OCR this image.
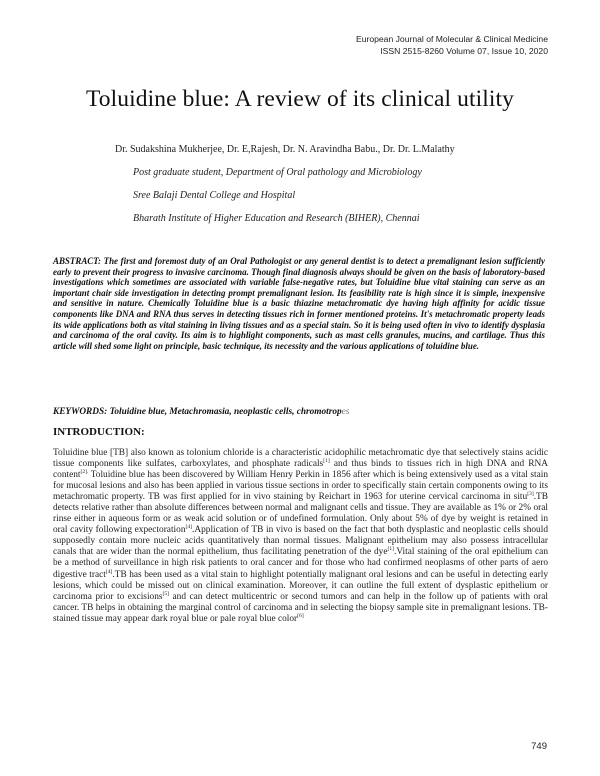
European Journal of Molecular & Clinical Medicine
ISSN 2515-8260 Volume 07, Issue 10, 2020
Toluidine blue: A review of its clinical utility
Dr. Sudakshina Mukherjee, Dr. E,Rajesh, Dr. N. Aravindha Babu., Dr. Dr. L.Malathy
Post graduate student, Department of Oral pathology and Microbiology
Sree Balaji Dental College and Hospital
Bharath Institute of Higher Education and Research (BIHER), Chennai
ABSTRACT: The first and foremost duty of an Oral Pathologist or any general dentist is to detect a premalignant lesion sufficiently early to prevent their progress to invasive carcinoma. Though final diagnosis always should be given on the basis of laboratory-based investigations which sometimes are associated with variable false-negative rates, but Toluidine blue vital staining can serve as an important chair side investigation in detecting prompt premalignant lesion. Its feasibility rate is high since it is simple, inexpensive and sensitive in nature. Chemically Toluidine blue is a basic thiazine metachromatic dye having high affinity for acidic tissue components like DNA and RNA thus serves in detecting tissues rich in former mentioned proteins. It's metachromatic property leads its wide applications both as vital staining in living tissues and as a special stain. So it is being used often in vivo to identify dysplasia and carcinoma of the oral cavity. Its aim is to highlight components, such as mast cells granules, mucins, and cartilage. Thus this article will shed some light on principle, basic technique, its necessity and the various applications of toluidine blue.
KEYWORDS: Toluidine blue, Metachromasia, neoplastic cells, chromotropes
INTRODUCTION:
Toluidine blue [TB] also known as tolonium chloride is a characteristic acidophilic metachromatic dye that selectively stains acidic tissue components like sulfates, carboxylates, and phosphate radicals[1] and thus binds to tissues rich in high DNA and RNA content$^{[2].}$ Toluidine blue has been discovered by William Henry Perkin in 1856 after which is being extensively used as a vital stain for mucosal lesions and also has been applied in various tissue sections in order to specifically stain certain components owing to its metachromatic property. TB was first applied for in vivo staining by Reichart in 1963 for uterine cervical carcinoma in situ[3].TB detects relative rather than absolute differences between normal and malignant cells and tissue. They are available as 1% or 2% oral rinse either in aqueous form or as weak acid solution or of undefined formulation. Only about 5% of dye by weight is retained in oral cavity following expectoration[4].Application of TB in vivo is based on the fact that both dysplastic and neoplastic cells should supposedly contain more nucleic acids quantitatively than normal tissues. Malignant epithelium may also possess intracellular canals that are wider than the normal epithelium, thus facilitating penetration of the dye[1].Vital staining of the oral epithelium can be a method of surveillance in high risk patients to oral cancer and for those who had confirmed neoplasms of other parts of aero digestive tract[4].TB has been used as a vital stain to highlight potentially malignant oral lesions and can be useful in detecting early lesions, which could be missed out on clinical examination. Moreover, it can outline the full extent of dysplastic epithelium or carcinoma prior to excisions[5] and can detect multicentric or second tumors and can help in the follow up of patients with oral cancer. TB helps in obtaining the marginal control of carcinoma and in selecting the biopsy sample site in premalignant lesions. TB-stained tissue may appear dark royal blue or pale royal blue color[6]
749
